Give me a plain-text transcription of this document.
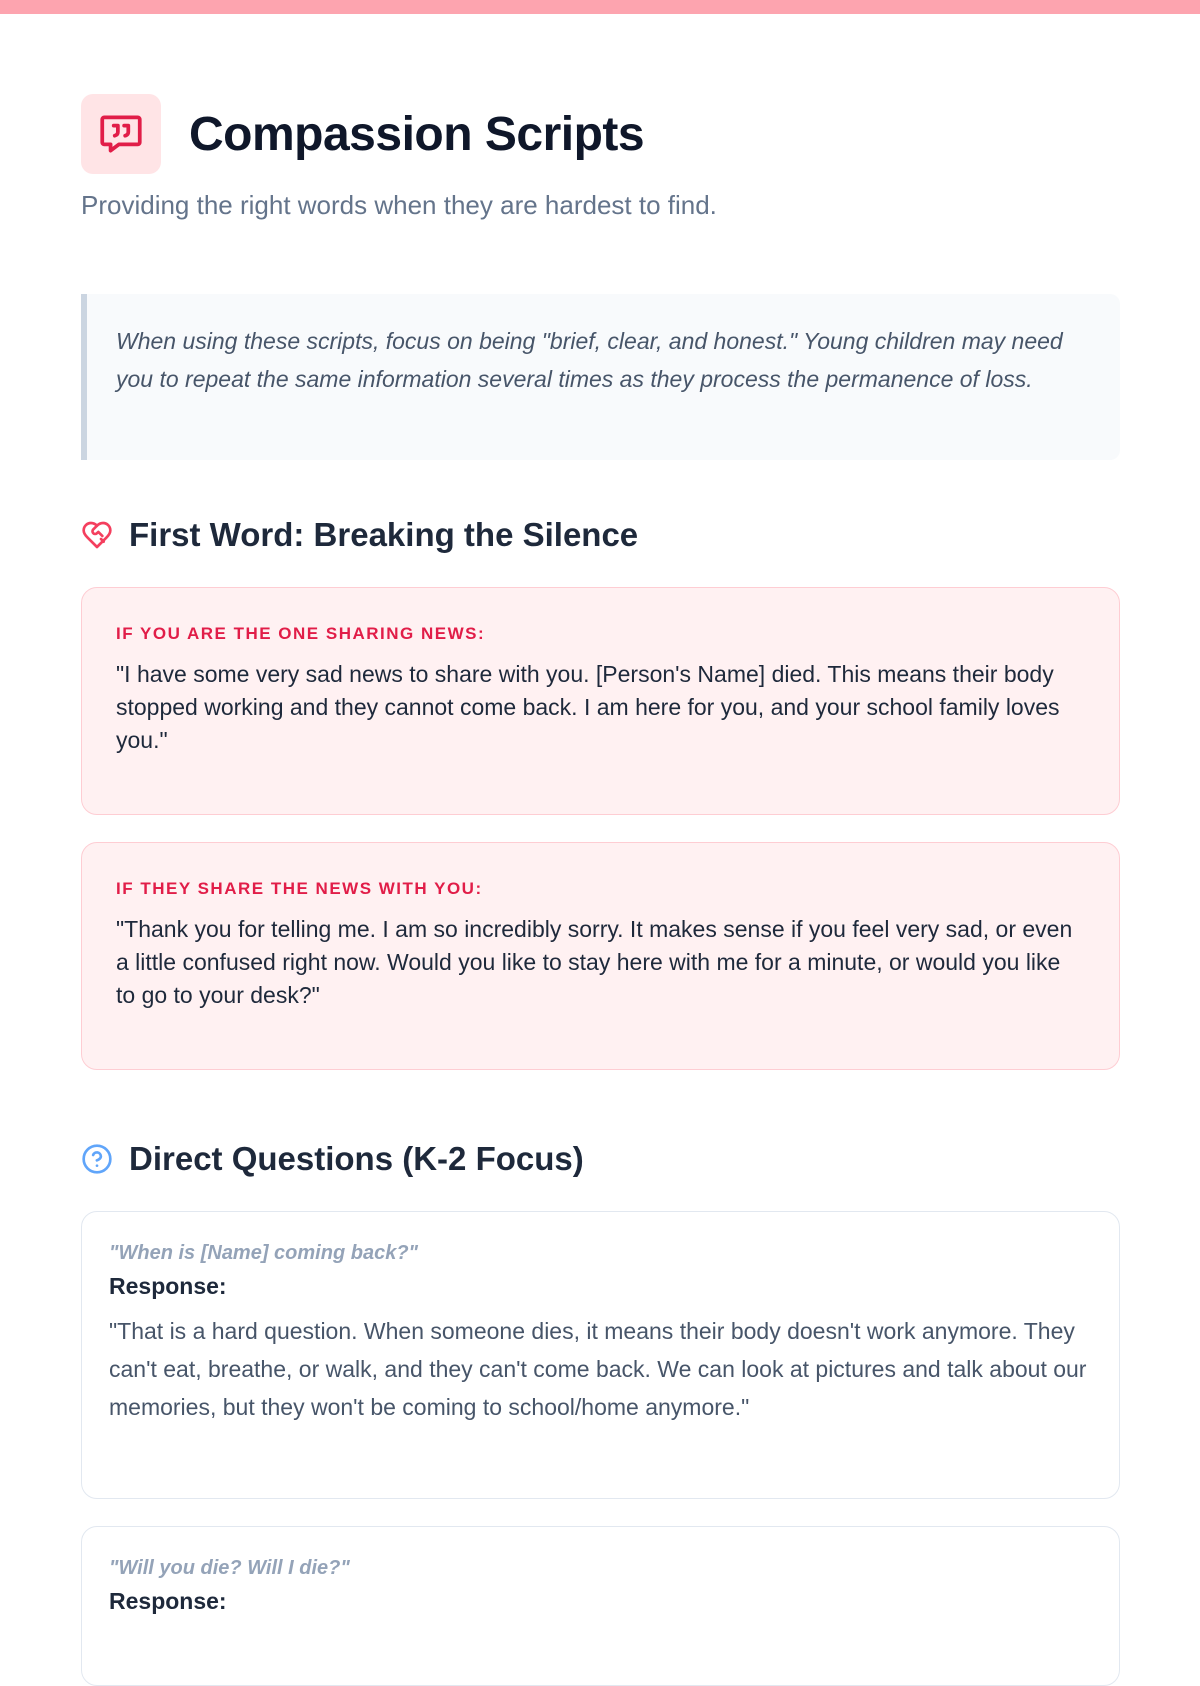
Compassion Scripts
Providing the right words when they are hardest to find.

When using these scripts, focus on being "brief, clear, and honest." Young children may need you to repeat the same information several times as they process the permanence of loss.

First Word: Breaking the Silence
IF YOU ARE THE ONE SHARING NEWS:
"I have some very sad news to share with you. [Person's Name] died. This means their body stopped working and they cannot come back. I am here for you, and your school family loves you."
IF THEY SHARE THE NEWS WITH YOU:
"Thank you for telling me. I am so incredibly sorry. It makes sense if you feel very sad, or even a little confused right now. Would you like to stay here with me for a minute, or would you like to go to your desk?"
Direct Questions (K-2 Focus)
"When is [Name] coming back?"
Response:
"That is a hard question. When someone dies, it means their body doesn't work anymore. They can't eat, breathe, or walk, and they can't come back. We can look at pictures and talk about our memories, but they won't be coming to school/home anymore."
"Will you die? Will I die?"
Response:
